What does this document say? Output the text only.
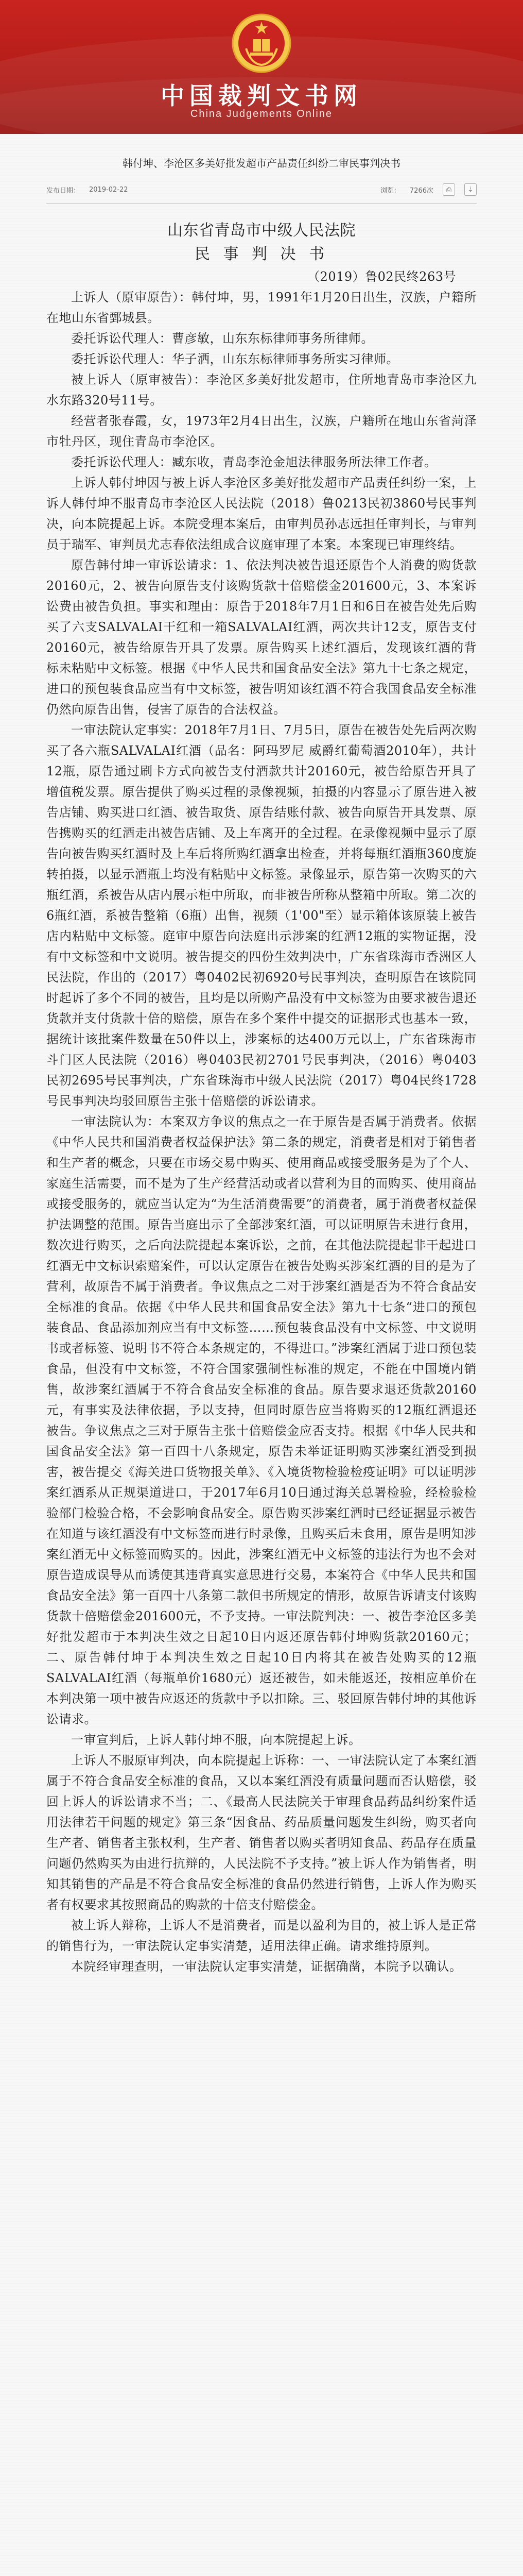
中国裁判文书网
China Judgements Online
韩付坤、李沧区多美好批发超市产品责任纠纷二审民事判决书
发布日期： 2019-02-22	浏览： 7266次	⎙	⇣

山东省青岛市中级人民法院

民 事 判 决 书

（2019）鲁02民终263号

上诉人（原审原告）：韩付坤，男，1991年1月20日出生，汉族，户籍所在地山东省鄄城县。

委托诉讼代理人：曹彦敏，山东东标律师事务所律师。

委托诉讼代理人：华子洒，山东东标律师事务所实习律师。

被上诉人（原审被告）：李沧区多美好批发超市，住所地青岛市李沧区九水东路320号11号。

经营者张春霞，女，1973年2月4日出生，汉族，户籍所在地山东省菏泽市牡丹区，现住青岛市李沧区。

委托诉讼代理人：臧东收，青岛李沧金旭法律服务所法律工作者。

上诉人韩付坤因与被上诉人李沧区多美好批发超市产品责任纠纷一案，上诉人韩付坤不服青岛市李沧区人民法院（2018）鲁0213民初3860号民事判决，向本院提起上诉。本院受理本案后，由审判员孙志远担任审判长，与审判员于瑞军、审判员尤志春依法组成合议庭审理了本案。本案现已审理终结。

原告韩付坤一审诉讼请求：1、依法判决被告退还原告个人消费的购货款20160元，2、被告向原告支付该购货款十倍赔偿金201600元，3、本案诉讼费由被告负担。事实和理由：原告于2018年7月1日和6日在被告处先后购买了六支SALVALAI干红和一箱SALVALAI红酒，两次共计12支，原告支付20160元，被告给原告开具了发票。原告购买上述红酒后，发现该红酒的背标未粘贴中文标签。根据《中华人民共和国食品安全法》第九十七条之规定，进口的预包装食品应当有中文标签，被告明知该红酒不符合我国食品安全标准仍然向原告出售，侵害了原告的合法权益。

一审法院认定事实：2018年7月1日、7月5日，原告在被告处先后两次购买了各六瓶SALVALAI红酒（品名：阿玛罗尼 威爵红葡萄酒2010年），共计12瓶，原告通过刷卡方式向被告支付酒款共计20160元，被告给原告开具了增值税发票。原告提供了购买过程的录像视频，拍摄的内容显示了原告进入被告店铺、购买进口红酒、被告取货、原告结账付款、被告向原告开具发票、原告携购买的红酒走出被告店铺、及上车离开的全过程。在录像视频中显示了原告向被告购买红酒时及上车后将所购红酒拿出检查，并将每瓶红酒瓶360度旋转拍摄，以显示酒瓶上均没有粘贴中文标签。录像显示，原告第一次购买的六瓶红酒，系被告从店内展示柜中所取，而非被告所称从整箱中所取。第二次的6瓶红酒，系被告整箱（6瓶）出售，视频（1'00"至）显示箱体该原装上被告店内粘贴中文标签。庭审中原告向法庭出示涉案的红酒12瓶的实物证据，没有中文标签和中文说明。被告提交的四份生效判决中，广东省珠海市香洲区人民法院，作出的（2017）粤0402民初6920号民事判决，查明原告在该院同时起诉了多个不同的被告，且均是以所购产品没有中文标签为由要求被告退还货款并支付货款十倍的赔偿，原告在多个案件中提交的证据形式也基本一致，据统计该批案件数量在50件以上，涉案标的达400万元以上，广东省珠海市斗门区人民法院（2016）粤0403民初2701号民事判决，（2016）粤0403民初2695号民事判决，广东省珠海市中级人民法院（2017）粤04民终1728号民事判决均驳回原告主张十倍赔偿的诉讼请求。

一审法院认为：本案双方争议的焦点之一在于原告是否属于消费者。依据《中华人民共和国消费者权益保护法》第二条的规定，消费者是相对于销售者和生产者的概念，只要在市场交易中购买、使用商品或接受服务是为了个人、家庭生活需要，而不是为了生产经营活动或者以营利为目的而购买、使用商品或接受服务的，就应当认定为“为生活消费需要”的消费者，属于消费者权益保护法调整的范围。原告当庭出示了全部涉案红酒，可以证明原告未进行食用，数次进行购买，之后向法院提起本案诉讼，之前，在其他法院提起非干起进口红酒无中文标识索赔案件，可以认定原告在被告处购买涉案红酒的目的是为了营利，故原告不属于消费者。争议焦点之二对于涉案红酒是否为不符合食品安全标准的食品。依据《中华人民共和国食品安全法》第九十七条“进口的预包装食品、食品添加剂应当有中文标签……预包装食品没有中文标签、中文说明书或者标签、说明书不符合本条规定的，不得进口。”涉案红酒属于进口预包装食品，但没有中文标签，不符合国家强制性标准的规定，不能在中国境内销售，故涉案红酒属于不符合食品安全标准的食品。原告要求退还货款20160元，有事实及法律依据，予以支持，但同时原告应当将购买的12瓶红酒退还被告。争议焦点之三对于原告主张十倍赔偿金应否支持。根据《中华人民共和国食品安全法》第一百四十八条规定，原告未举证证明购买涉案红酒受到损害，被告提交《海关进口货物报关单》、《入境货物检验检疫证明》可以证明涉案红酒系从正规渠道进口，于2017年6月10日通过海关总署检验，经检验检验部门检验合格，不会影响食品安全。原告购买涉案红酒时已经证据显示被告在知道与该红酒没有中文标签而进行时录像，且购买后未食用，原告是明知涉案红酒无中文标签而购买的。因此，涉案红酒无中文标签的违法行为也不会对原告造成误导从而诱使其违背真实意思进行交易，本案符合《中华人民共和国食品安全法》第一百四十八条第二款但书所规定的情形，故原告诉请支付该购货款十倍赔偿金201600元，不予支持。一审法院判决：一、被告李沧区多美好批发超市于本判决生效之日起10日内返还原告韩付坤购货款20160元；二、原告韩付坤于本判决生效之日起10日内将其在被告处购买的12瓶SALVALAI红酒（每瓶单价1680元）返还被告，如未能返还，按相应单价在本判决第一项中被告应返还的货款中予以扣除。三、驳回原告韩付坤的其他诉讼请求。

一审宣判后，上诉人韩付坤不服，向本院提起上诉。

上诉人不服原审判决，向本院提起上诉称：一、一审法院认定了本案红酒属于不符合食品安全标准的食品，又以本案红酒没有质量问题而否认赔偿，驳回上诉人的诉讼请求不当；二、《最高人民法院关于审理食品药品纠纷案件适用法律若干问题的规定》第三条“因食品、药品质量问题发生纠纷，购买者向生产者、销售者主张权利，生产者、销售者以购买者明知食品、药品存在质量问题仍然购买为由进行抗辩的，人民法院不予支持。”被上诉人作为销售者，明知其销售的产品是不符合食品安全标准的食品仍然进行销售，上诉人作为购买者有权要求其按照商品的购款的十倍支付赔偿金。

被上诉人辩称，上诉人不是消费者，而是以盈利为目的，被上诉人是正常的销售行为，一审法院认定事实清楚，适用法律正确。请求维持原判。

本院经审理查明，一审法院认定事实清楚，证据确凿，本院予以确认。
